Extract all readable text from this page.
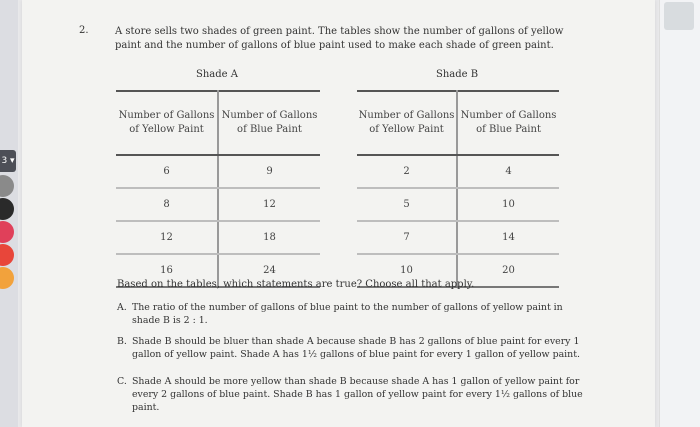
3 ▾
2.	A store sells two shades of green paint. The tables show the number of gallons of yellow paint and the number of gallons of blue paint used to make each shade of green paint.
Shade A	Shade B
Number of Gallons of Yellow Paint	Number of Gallons of Blue Paint
6	9
8	12
12	18
16	24
Number of Gallons of Yellow Paint	Number of Gallons of Blue Paint
2	4
5	10
7	14
10	20
Based on the tables, which statements are true? Choose all that apply.
A. The ratio of the number of gallons of blue paint to the number of gallons of yellow paint in shade B is 2 : 1.
B. Shade B should be bluer than shade A because shade B has 2 gallons of blue paint for every 1 gallon of yellow paint. Shade A has 1½ gallons of blue paint for every 1 gallon of yellow paint.
C. Shade A should be more yellow than shade B because shade A has 1 gallon of yellow paint for every 2 gallons of blue paint. Shade B has 1 gallon of yellow paint for every 1½ gallons of blue paint.
